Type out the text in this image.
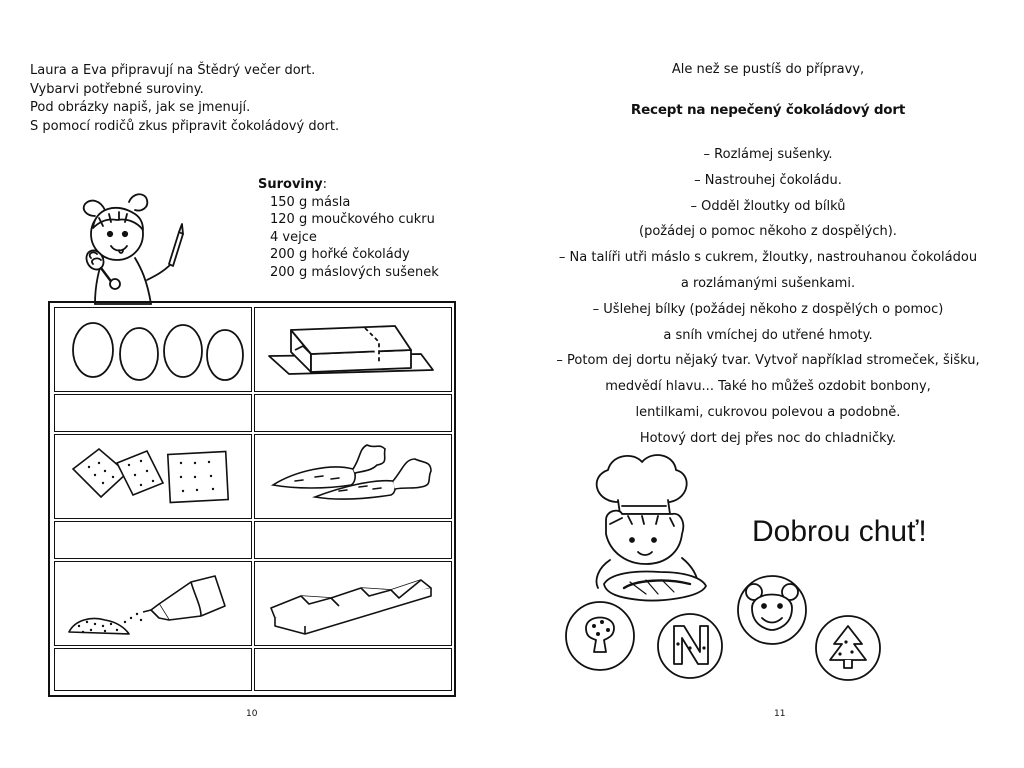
Laura a Eva připravují na Štědrý večer dort.
Vybarvi potřebné suroviny.
Pod obrázky napiš, jak se jmenují.
S pomocí rodičů zkus připravit čokoládový dort.
Suroviny:
150 g másla
120 g moučkového cukru
4 vejce
200 g hořké čokolády
200 g máslových sušenek
10
Ale než se pustíš do přípravy,
Recept na nepečený čokoládový dort
– Rozlámej sušenky.
– Nastrouhej čokoládu.
– Odděl žloutky od bílků
(požádej o pomoc někoho z dospělých).
– Na talíři utři máslo s cukrem, žloutky, nastrouhanou čokoládou
a rozlámanými sušenkami.
– Ušlehej bílky (požádej někoho z dospělých o pomoc)
a sníh vmíchej do utřené hmoty.
– Potom dej dortu nějaký tvar. Vytvoř například stromeček, šišku,
medvědí hlavu... Také ho můžeš ozdobit bonbony,
lentilkami, cukrovou polevou a podobně.
Hotový dort dej přes noc do chladničky.
Dobrou chuť!
11
